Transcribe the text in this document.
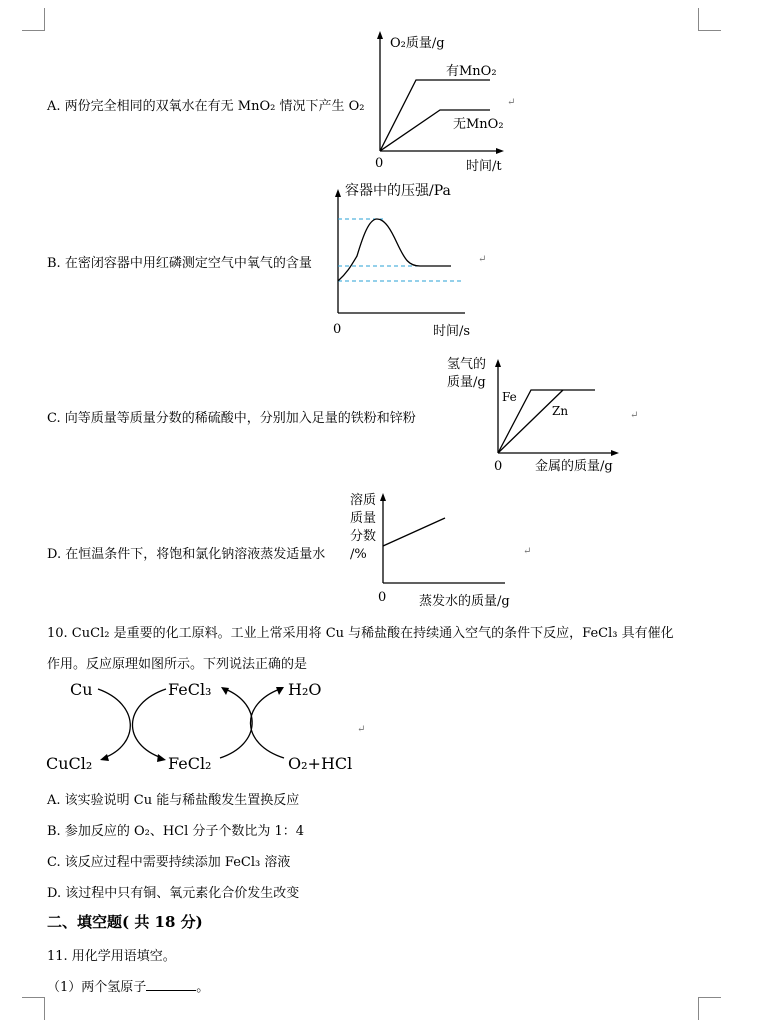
A. 两份完全相同的双氧水在有无 MnO₂ 情况下产生 O₂
O₂质量/g
有MnO₂
无MnO₂
0	时间/t
↵
B. 在密闭容器中用红磷测定空气中氧气的含量
容器中的压强/Pa
0	时间/s
↵
C. 向等质量等质量分数的稀硫酸中，分别加入足量的铁粉和锌粉
氢气的
质量/g
Fe
Zn
0	金属的质量/g
↵
D. 在恒温条件下，将饱和氯化钠溶液蒸发适量水
溶质
质量
分数
/%
0	蒸发水的质量/g
↵
10. CuCl₂ 是重要的化工原料。工业上常采用将 Cu 与稀盐酸在持续通入空气的条件下反应，FeCl₃ 具有催化
作用。反应原理如图所示。下列说法正确的是
Cu
CuCl₂
FeCl₃
FeCl₂
H₂O
O₂+HCl
↵
A. 该实验说明 Cu 能与稀盐酸发生置换反应
B. 参加反应的 O₂、HCl 分子个数比为 1：4
C. 该反应过程中需要持续添加 FeCl₃ 溶液
D. 该过程中只有铜、氧元素化合价发生改变
二、填空题( 共 18 分)
11. 用化学用语填空。
（1）两个氢原子	。
